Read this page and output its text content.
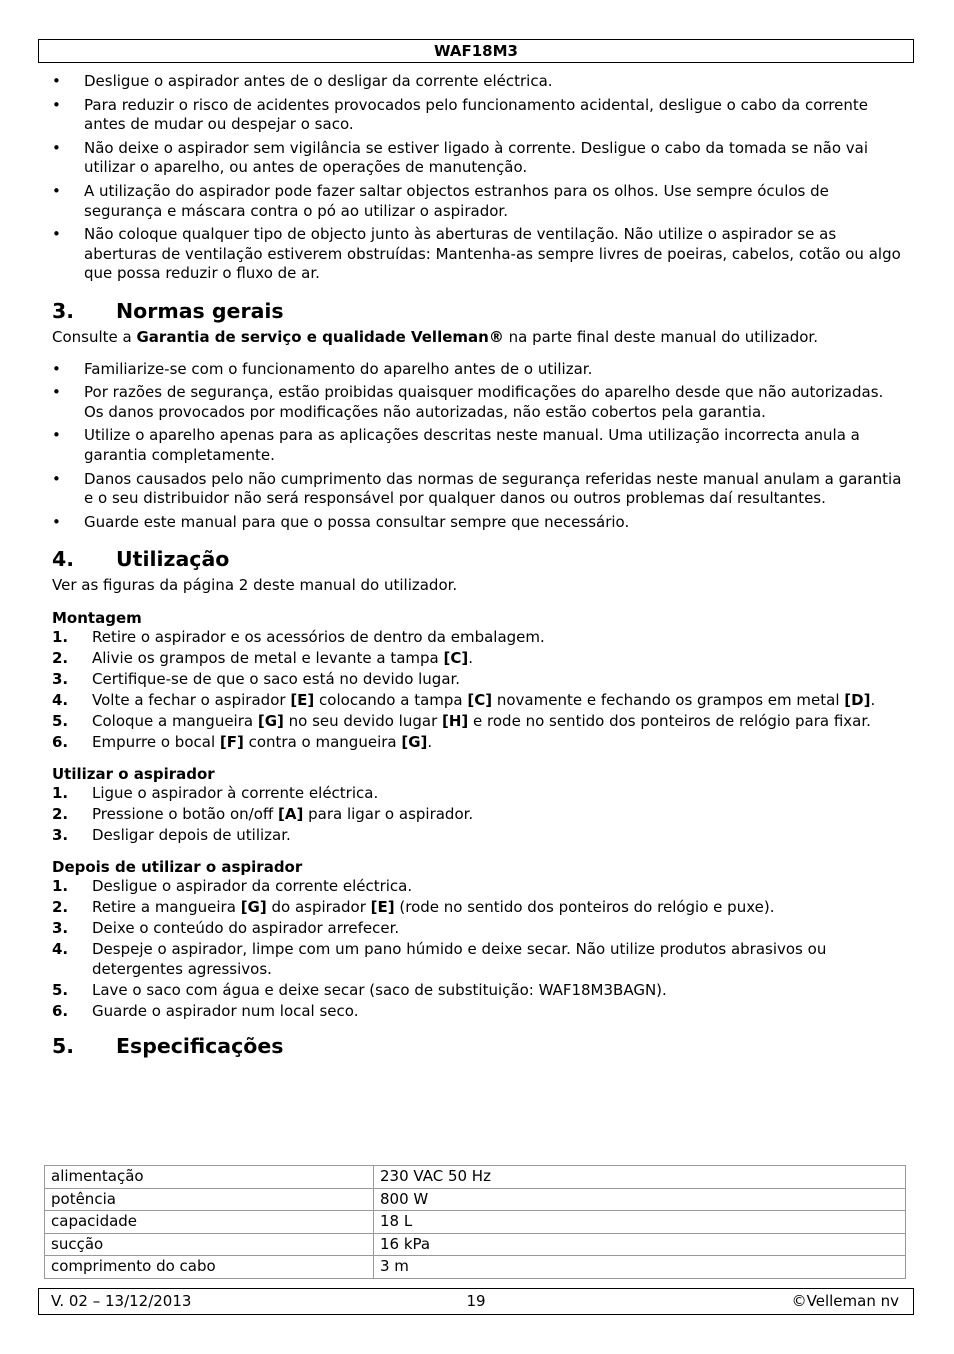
WAF18M3
• Desligue o aspirador antes de o desligar da corrente eléctrica.
• Para reduzir o risco de acidentes provocados pelo funcionamento acidental, desligue o cabo da corrente antes de mudar ou despejar o saco.
• Não deixe o aspirador sem vigilância se estiver ligado à corrente. Desligue o cabo da tomada se não vai utilizar o aparelho, ou antes de operações de manutenção.
• A utilização do aspirador pode fazer saltar objectos estranhos para os olhos. Use sempre óculos de segurança e máscara contra o pó ao utilizar o aspirador.
• Não coloque qualquer tipo de objecto junto às aberturas de ventilação. Não utilize o aspirador se as aberturas de ventilação estiverem obstruídas: Mantenha-as sempre livres de poeiras, cabelos, cotão ou algo que possa reduzir o fluxo de ar.
3. Normas gerais

Consulte a Garantia de serviço e qualidade Velleman® na parte final deste manual do utilizador.

• Familiarize-se com o funcionamento do aparelho antes de o utilizar.
• Por razões de segurança, estão proibidas quaisquer modificações do aparelho desde que não autorizadas. Os danos provocados por modificações não autorizadas, não estão cobertos pela garantia.
• Utilize o aparelho apenas para as aplicações descritas neste manual. Uma utilização incorrecta anula a garantia completamente.
• Danos causados pelo não cumprimento das normas de segurança referidas neste manual anulam a garantia e o seu distribuidor não será responsável por qualquer danos ou outros problemas daí resultantes.
• Guarde este manual para que o possa consultar sempre que necessário.
4. Utilização

Ver as figuras da página 2 deste manual do utilizador.

Montagem
1. Retire o aspirador e os acessórios de dentro da embalagem.
2. Alivie os grampos de metal e levante a tampa [C].
3. Certifique-se de que o saco está no devido lugar.
4. Volte a fechar o aspirador [E] colocando a tampa [C] novamente e fechando os grampos em metal [D].
5. Coloque a mangueira [G] no seu devido lugar [H] e rode no sentido dos ponteiros de relógio para fixar.
6. Empurre o bocal [F] contra o mangueira [G].
Utilizar o aspirador
1. Ligue o aspirador à corrente eléctrica.
2. Pressione o botão on/off [A] para ligar o aspirador.
3. Desligar depois de utilizar.
Depois de utilizar o aspirador
1. Desligue o aspirador da corrente eléctrica.
2. Retire a mangueira [G] do aspirador [E] (rode no sentido dos ponteiros do relógio e puxe).
3. Deixe o conteúdo do aspirador arrefecer.
4. Despeje o aspirador, limpe com um pano húmido e deixe secar. Não utilize produtos abrasivos ou detergentes agressivos.
5. Lave o saco com água e deixe secar (saco de substituição: WAF18M3BAGN).
6. Guarde o aspirador num local seco.
5. Especificações
alimentação	230 VAC 50 Hz
potência	800 W
capacidade	18 L
sucção	16 kPa
comprimento do cabo	3 m
V. 02 – 13/12/2013	19	©Velleman nv
